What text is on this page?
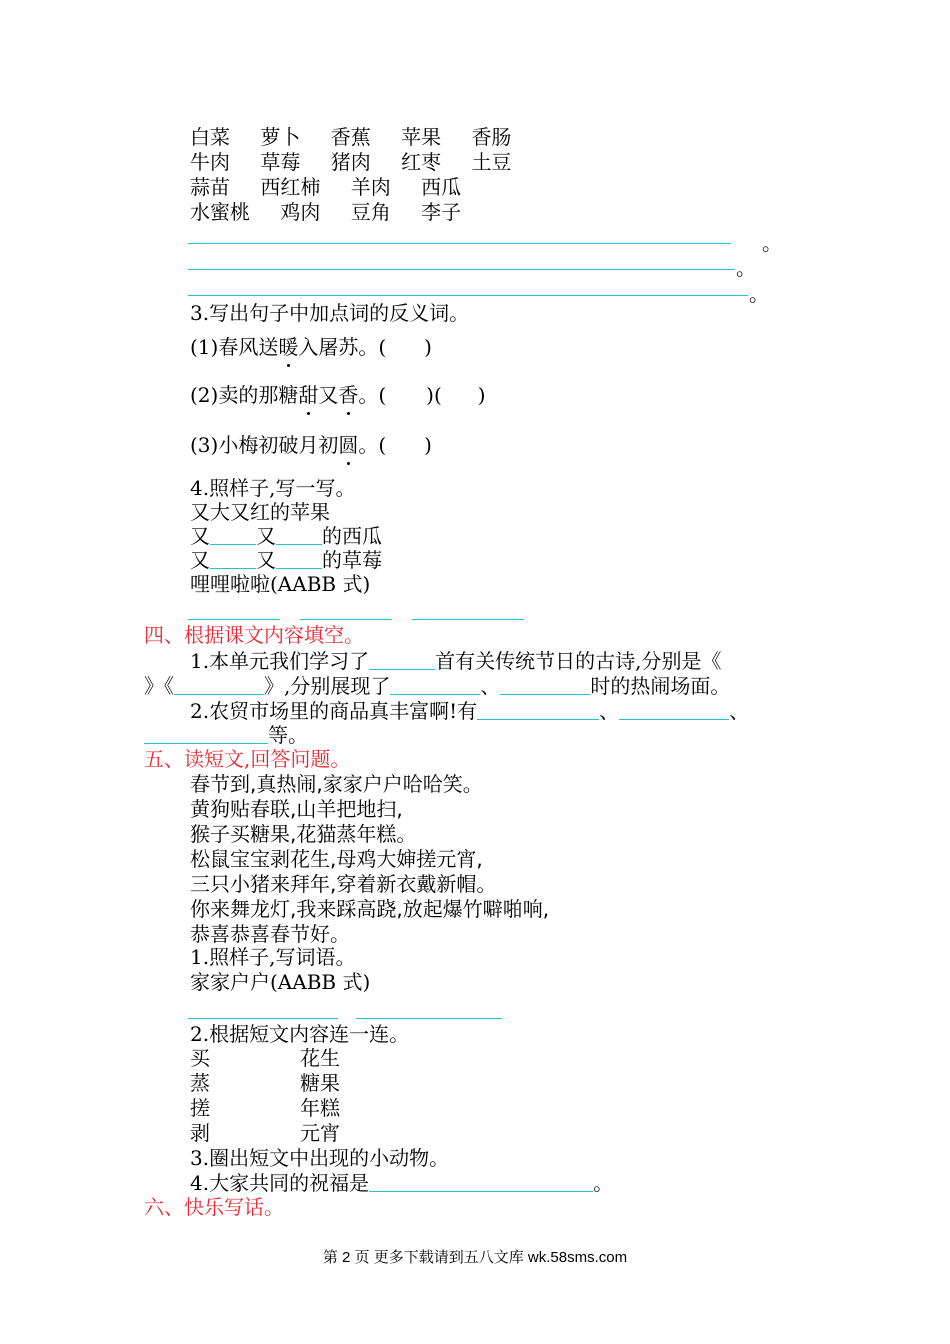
白菜 萝卜 香蕉 苹果 香肠
牛肉 草莓 猪肉 红枣 土豆
蒜苗 西红柿 羊肉 西瓜
水蜜桃 鸡肉 豆角 李子
。
。
。
3.写出句子中加点词的反义词。
(1)春风送暖入屠苏。( )
(2)卖的那糖甜又香。( )( )
(3)小梅初破月初圆。( )
4.照样子,写一写。
又大又红的苹果
又 又 的西瓜
又 又 的草莓
哩哩啦啦(AABB 式)
四、根据课文内容填空。
1.本单元我们学习了	首有关传统节日的古诗,分别是《
》《	》,分别展现了	、	时的热闹场面。
2.农贸市场里的商品真丰富啊!有	、	、
等。
五、读短文,回答问题。
春节到,真热闹,家家户户哈哈笑。
黄狗贴春联,山羊把地扫,
猴子买糖果,花猫蒸年糕。
松鼠宝宝剥花生,母鸡大婶搓元宵,
三只小猪来拜年,穿着新衣戴新帽。
你来舞龙灯,我来踩高跷,放起爆竹噼啪响,
恭喜恭喜春节好。
1.照样子,写词语。
家家户户(AABB 式)
2.根据短文内容连一连。
买	花生
蒸	糖果
搓	年糕
剥	元宵
3.圈出短文中出现的小动物。
4.大家共同的祝福是	。
六、快乐写话。
第 2 页 更多下载请到五八文库 wk.58sms.com
